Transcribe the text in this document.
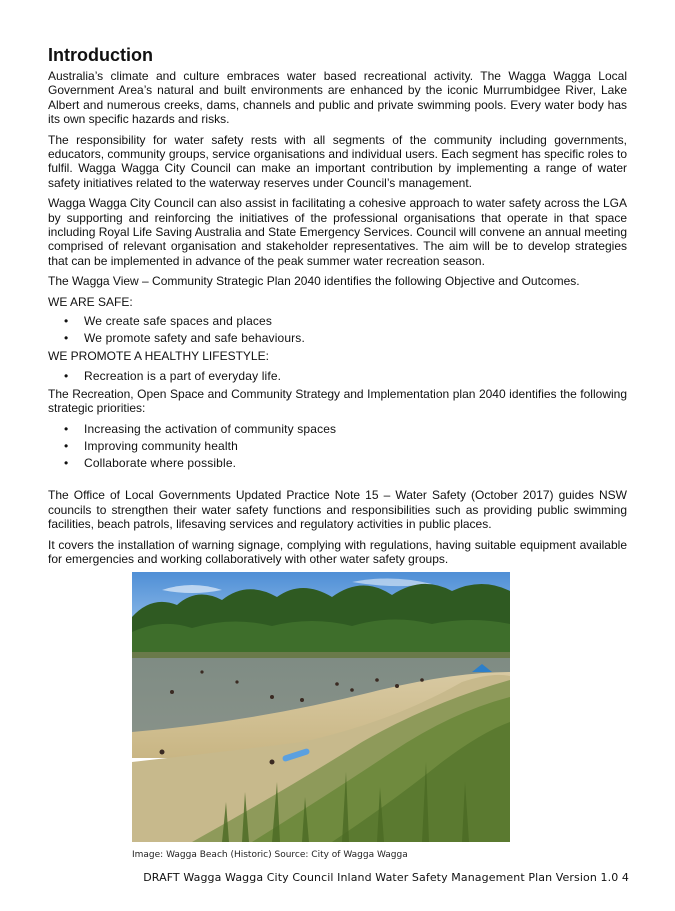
Introduction

Australia’s climate and culture embraces water based recreational activity. The Wagga Wagga Local Government Area’s natural and built environments are enhanced by the iconic Murrumbidgee River, Lake Albert and numerous creeks, dams, channels and public and private swimming pools. Every water body has its own specific hazards and risks.

The responsibility for water safety rests with all segments of the community including governments, educators, community groups, service organisations and individual users. Each segment has specific roles to fulfil. Wagga Wagga City Council can make an important contribution by implementing a range of water safety initiatives related to the waterway reserves under Council’s management.

Wagga Wagga City Council can also assist in facilitating a cohesive approach to water safety across the LGA by supporting and reinforcing the initiatives of the professional organisations that operate in that space including Royal Life Saving Australia and State Emergency Services. Council will convene an annual meeting comprised of relevant organisation and stakeholder representatives. The aim will be to develop strategies that can be implemented in advance of the peak summer water recreation season.

The Wagga View – Community Strategic Plan 2040 identifies the following Objective and Outcomes.

WE ARE SAFE:

• We create safe spaces and places
• We promote safety and safe behaviours.

WE PROMOTE A HEALTHY LIFESTYLE:

• Recreation is a part of everyday life.

The Recreation, Open Space and Community Strategy and Implementation plan 2040 identifies the following strategic priorities:

• Increasing the activation of community spaces
• Improving community health
• Collaborate where possible.

The Office of Local Governments Updated Practice Note 15 – Water Safety (October 2017) guides NSW councils to strengthen their water safety functions and responsibilities such as providing public swimming facilities, beach patrols, lifesaving services and regulatory activities in public places.

It covers the installation of warning signage, complying with regulations, having suitable equipment available for emergencies and working collaboratively with other water safety groups.

Image: Wagga Beach (Historic) Source: City of Wagga Wagga
DRAFT Wagga Wagga City Council Inland Water Safety Management Plan Version 1.0 4
